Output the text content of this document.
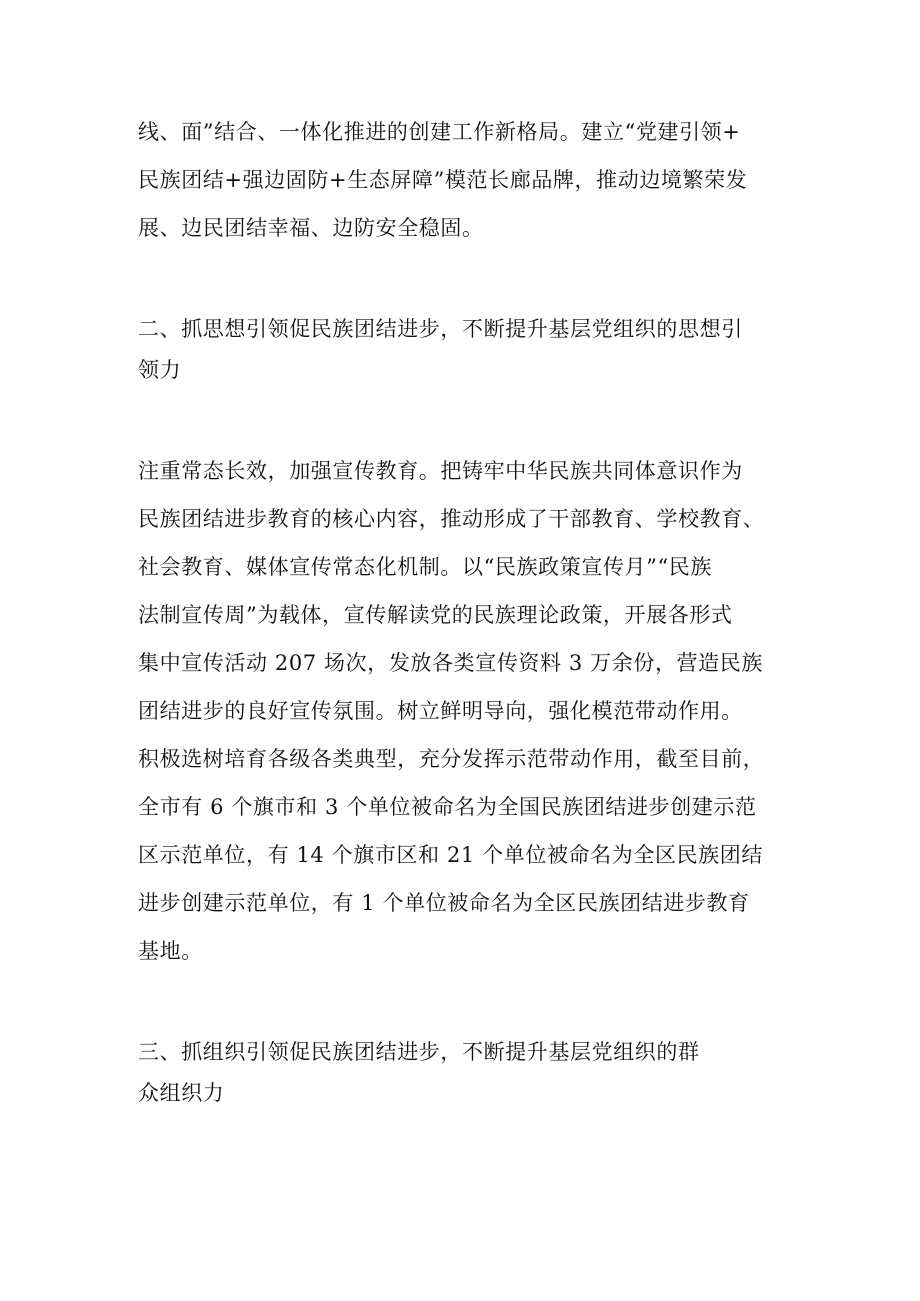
线、面”结合、一体化推进的创建工作新格局。建立“党建引领+
民族团结+强边固防+生态屏障”模范长廊品牌，推动边境繁荣发
展、边民团结幸福、边防安全稳固。
二、抓思想引领促民族团结进步，不断提升基层党组织的思想引
领力
注重常态长效，加强宣传教育。把铸牢中华民族共同体意识作为
民族团结进步教育的核心内容，推动形成了干部教育、学校教育、
社会教育、媒体宣传常态化机制。以“民族政策宣传月”“民族
法制宣传周”为载体，宣传解读党的民族理论政策，开展各形式
集中宣传活动 207 场次，发放各类宣传资料 3 万余份，营造民族
团结进步的良好宣传氛围。树立鲜明导向，强化模范带动作用。
积极选树培育各级各类典型，充分发挥示范带动作用，截至目前，
全市有 6 个旗市和 3 个单位被命名为全国民族团结进步创建示范
区示范单位，有 14 个旗市区和 21 个单位被命名为全区民族团结
进步创建示范单位，有 1 个单位被命名为全区民族团结进步教育
基地。
三、抓组织引领促民族团结进步，不断提升基层党组织的群
众组织力
